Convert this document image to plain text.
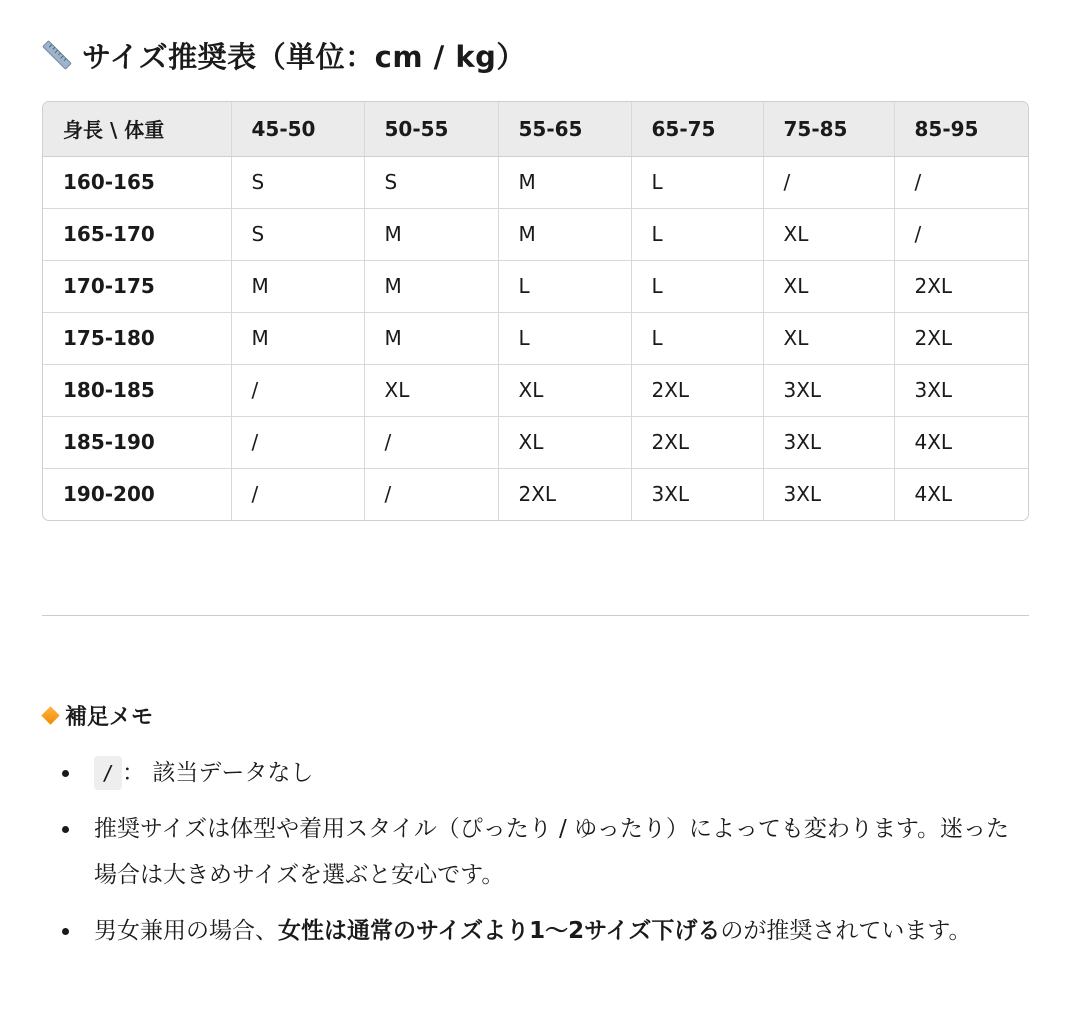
サイズ推奨表（単位：cm / kg）
身長 \ 体重	45-50	50-55	55-65	65-75	75-85	85-95
160-165	S	S	M	L	/	/
165-170	S	M	M	L	XL	/
170-175	M	M	L	L	XL	2XL
175-180	M	M	L	L	XL	2XL
180-185	/	XL	XL	2XL	3XL	3XL
185-190	/	/	XL	2XL	3XL	4XL
190-200	/	/	2XL	3XL	3XL	4XL
補足メモ
/ ： 該当データなし
推奨サイズは体型や着用スタイル（ぴったり / ゆったり）によっても変わります。迷った場合は大きめサイズを選ぶと安心です。
男女兼用の場合、女性は通常のサイズより1〜2サイズ下げるのが推奨されています。
